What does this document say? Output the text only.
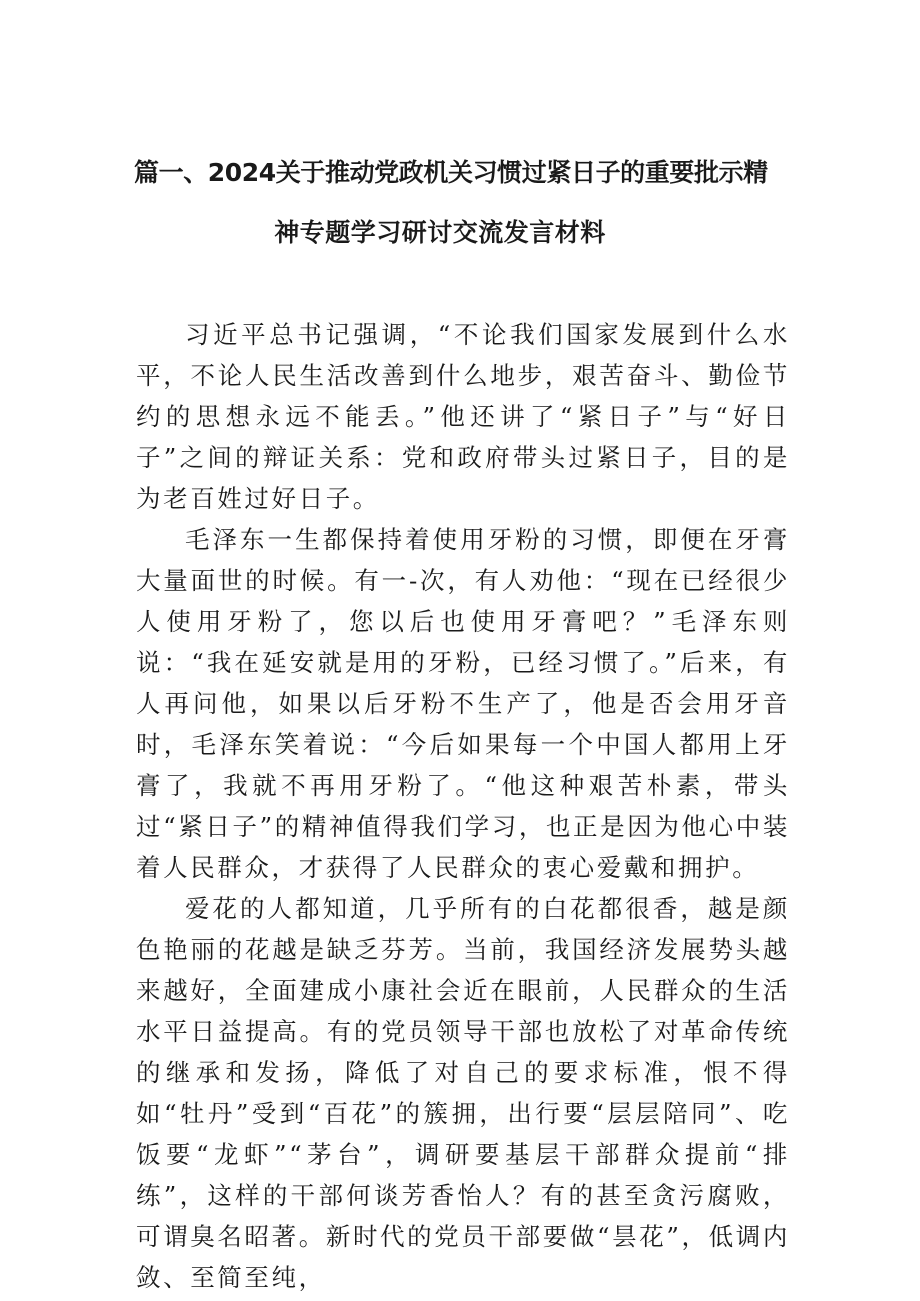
篇一、2024关于推动党政机关习惯过紧日子的重要批示精
神专题学习研讨交流发言材料

习近平总书记强调，“不论我们国家发展到什么水平，不论人民生活改善到什么地步，艰苦奋斗、勤俭节约的思想永远不能丢。”他还讲了“紧日子”与“好日子”之间的辩证关系：党和政府带头过紧日子，目的是为老百姓过好日子。

毛泽东一生都保持着使用牙粉的习惯，即便在牙膏大量面世的时候。有一-次，有人劝他：“现在已经很少人使用牙粉了，您以后也使用牙膏吧？”毛泽东则说：“我在延安就是用的牙粉，已经习惯了。”后来，有人再问他，如果以后牙粉不生产了，他是否会用牙音时，毛泽东笑着说：“今后如果每一个中国人都用上牙膏了，我就不再用牙粉了。“他这种艰苦朴素，带头过“紧日子”的精神值得我们学习，也正是因为他心中装着人民群众，才获得了人民群众的衷心爱戴和拥护。

爱花的人都知道，几乎所有的白花都很香，越是颜色艳丽的花越是缺乏芬芳。当前，我国经济发展势头越来越好，全面建成小康社会近在眼前，人民群众的生活水平日益提高。有的党员领导干部也放松了对革命传统的继承和发扬，降低了对自己的要求标准，恨不得如“牡丹”受到“百花”的簇拥，出行要“层层陪同”、吃饭要“龙虾”“茅台”，调研要基层干部群众提前“排练”，这样的干部何谈芳香怡人？有的甚至贪污腐败，可谓臭名昭著。新时代的党员干部要做“昙花”，低调内敛、至简至纯，
